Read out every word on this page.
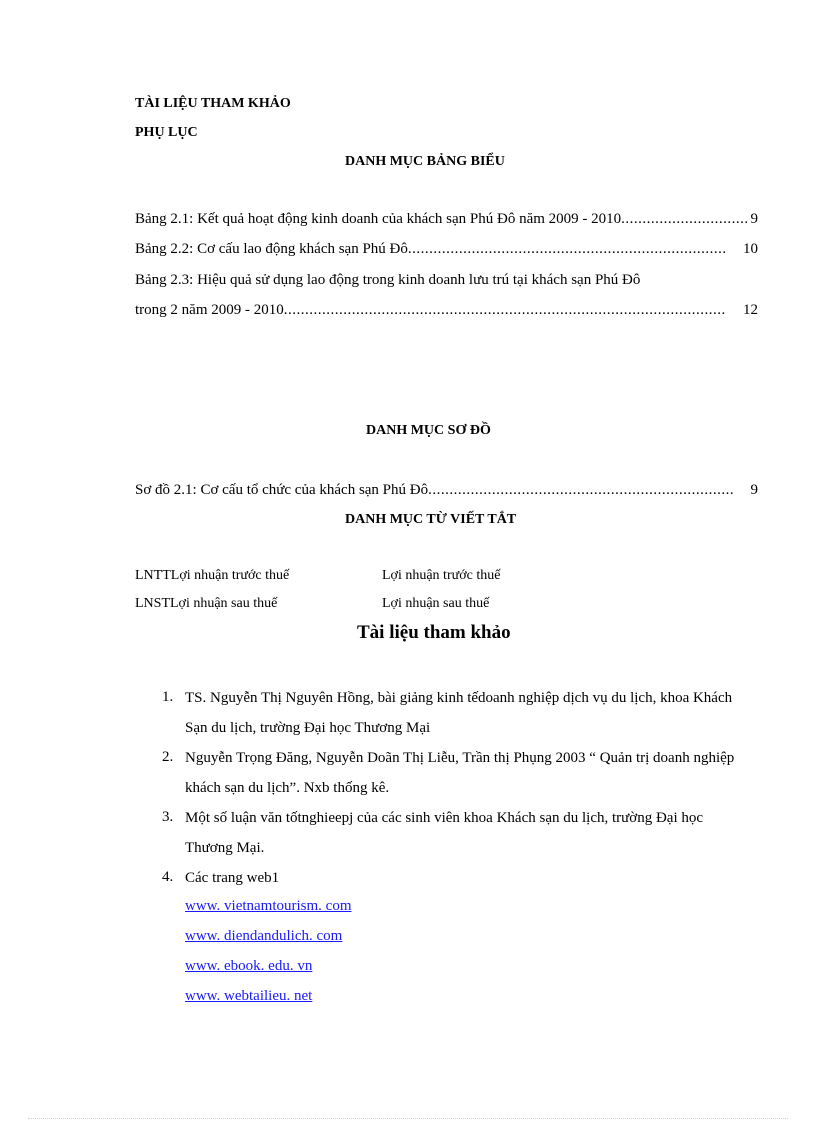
TÀI LIỆU THAM KHẢO
PHỤ LỤC
DANH MỤC BẢNG BIỂU
Bảng 2.1: Kết quả hoạt động kinh doanh của khách sạn Phú Đô năm 2009 - 2010 .....	9
Bảng 2.2: Cơ cấu lao động khách sạn Phú Đô .....	10
Bảng 2.3: Hiệu quả sử dụng lao động trong kinh doanh lưu trú tại khách sạn Phú Đô
trong 2 năm 2009 - 2010 .....	12
DANH MỤC SƠ ĐỒ
Sơ đồ 2.1: Cơ cấu tổ chức của khách sạn Phú Đô .....	9
DANH MỤC TỪ VIẾT TẮT
LNTTLợi nhuận trước thuế	Lợi nhuận trước thuế
LNSTLợi nhuận sau thuế	Lợi nhuận sau thuế
Tài liệu tham khảo
1. TS. Nguyễn Thị Nguyên Hồng, bài giảng kinh tếdoanh nghiệp dịch vụ du lịch, khoa Khách Sạn du lịch, trường Đại học Thương Mại
2. Nguyễn Trọng Đăng, Nguyễn Doãn Thị Liễu, Trần thị Phụng 2003 “ Quản trị doanh nghiệp khách sạn du lịch”. Nxb thống kê.
3. Một số luận văn tốtnghieepj của các sinh viên khoa Khách sạn du lịch, trường Đại học Thương Mại.
4. Các trang web1
www. vietnamtourism. com
www. diendandulich. com
www. ebook. edu. vn
www. webtailieu. net
